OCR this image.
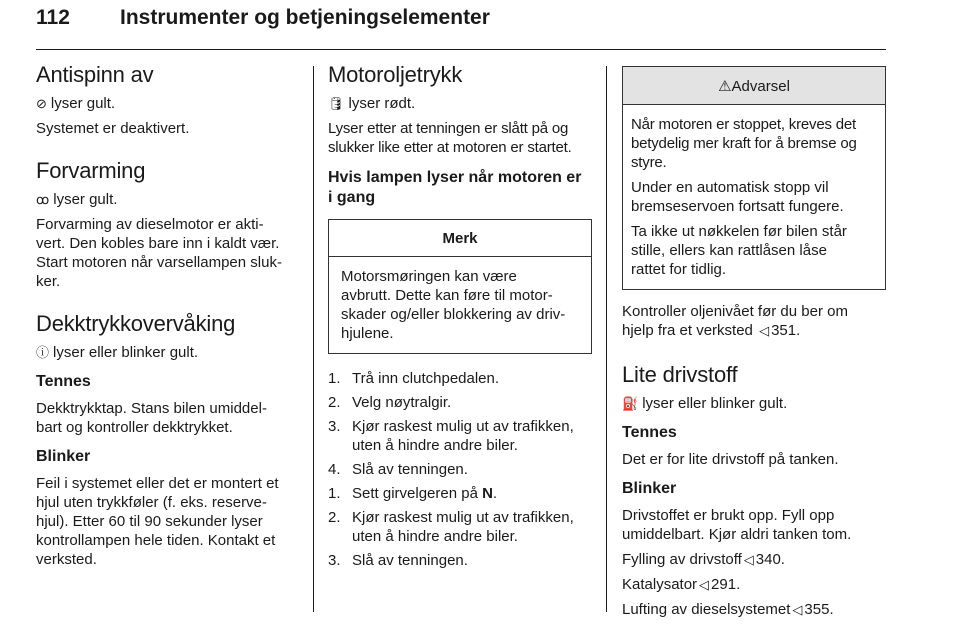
112 Instrumenter og betjeningselementer
Antispinn av

⊘ lyser gult.

Systemet er deaktivert.

Forvarming

ꝏ lyser gult.

Forvarming av dieselmotor er akti-
vert. Den kobles bare inn i kaldt vær.
Start motoren når varsellampen sluk-
ker.

Dekktrykkovervåking

ⓘ lyser eller blinker gult.

Tennes

Dekktrykktap. Stans bilen umiddel-
bart og kontroller dekktrykket.

Blinker

Feil i systemet eller det er montert et
hjul uten trykkføler (f. eks. reserve-
hjul). Etter 60 til 90 sekunder lyser
kontrollampen hele tiden. Kontakt et
verksted.

Motoroljetrykk

🛢 lyser rødt.

Lyser etter at tenningen er slått på og
slukker like etter at motoren er startet.

Hvis lampen lyser når motoren er
i gang
Merk

Motorsmøringen kan være
avbrutt. Dette kan føre til motor-
skader og/eller blokkering av driv-
hjulene.

1. Trå inn clutchpedalen.
2. Velg nøytralgir.
3. Kjør raskest mulig ut av trafikken,
uten å hindre andre biler.
4. Slå av tenningen.
1. Sett girvelgeren på N.
2. Kjør raskest mulig ut av trafikken,
uten å hindre andre biler.
3. Slå av tenningen.
⚠Advarsel

Når motoren er stoppet, kreves det
betydelig mer kraft for å bremse og
styre.

Under en automatisk stopp vil
bremseservoen fortsatt fungere.

Ta ikke ut nøkkelen før bilen står
stille, ellers kan rattlåsen låse
rattet for tidlig.

Kontroller oljenivået før du ber om
hjelp fra et verksted ◁ 351.

Lite drivstoff

⛽ lyser eller blinker gult.

Tennes

Det er for lite drivstoff på tanken.

Blinker

Drivstoffet er brukt opp. Fyll opp
umiddelbart. Kjør aldri tanken tom.

Fylling av drivstoff ◁ 340.

Katalysator ◁ 291.

Lufting av dieselsystemet ◁ 355.
